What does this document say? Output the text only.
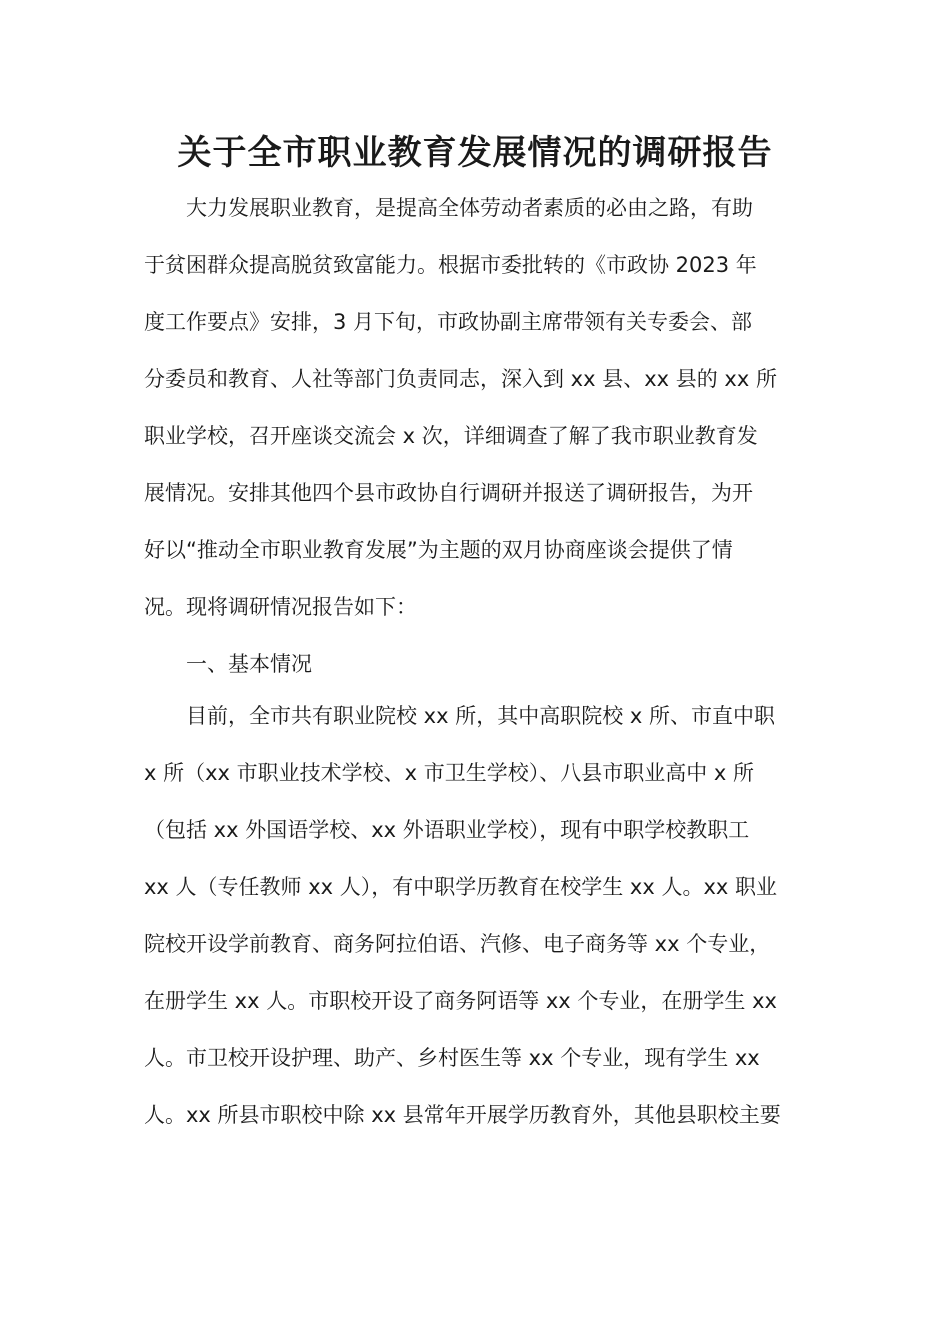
关于全市职业教育发展情况的调研报告

大力发展职业教育，是提高全体劳动者素质的必由之路，有助

于贫困群众提高脱贫致富能力。根据市委批转的《市政协 2023 年

度工作要点》安排，3 月下旬，市政协副主席带领有关专委会、部

分委员和教育、人社等部门负责同志，深入到 xx 县、xx 县的 xx 所

职业学校，召开座谈交流会 x 次，详细调查了解了我市职业教育发

展情况。安排其他四个县市政协自行调研并报送了调研报告，为开

好以“推动全市职业教育发展”为主题的双月协商座谈会提供了情

况。现将调研情况报告如下：

一、基本情况

目前，全市共有职业院校 xx 所，其中高职院校 x 所、市直中职

x 所（xx 市职业技术学校、x 市卫生学校）、八县市职业高中 x 所

（包括 xx 外国语学校、xx 外语职业学校），现有中职学校教职工

xx 人（专任教师 xx 人），有中职学历教育在校学生 xx 人。xx 职业

院校开设学前教育、商务阿拉伯语、汽修、电子商务等 xx 个专业，

在册学生 xx 人。市职校开设了商务阿语等 xx 个专业，在册学生 xx

人。市卫校开设护理、助产、乡村医生等 xx 个专业，现有学生 xx

人。xx 所县市职校中除 xx 县常年开展学历教育外，其他县职校主要
